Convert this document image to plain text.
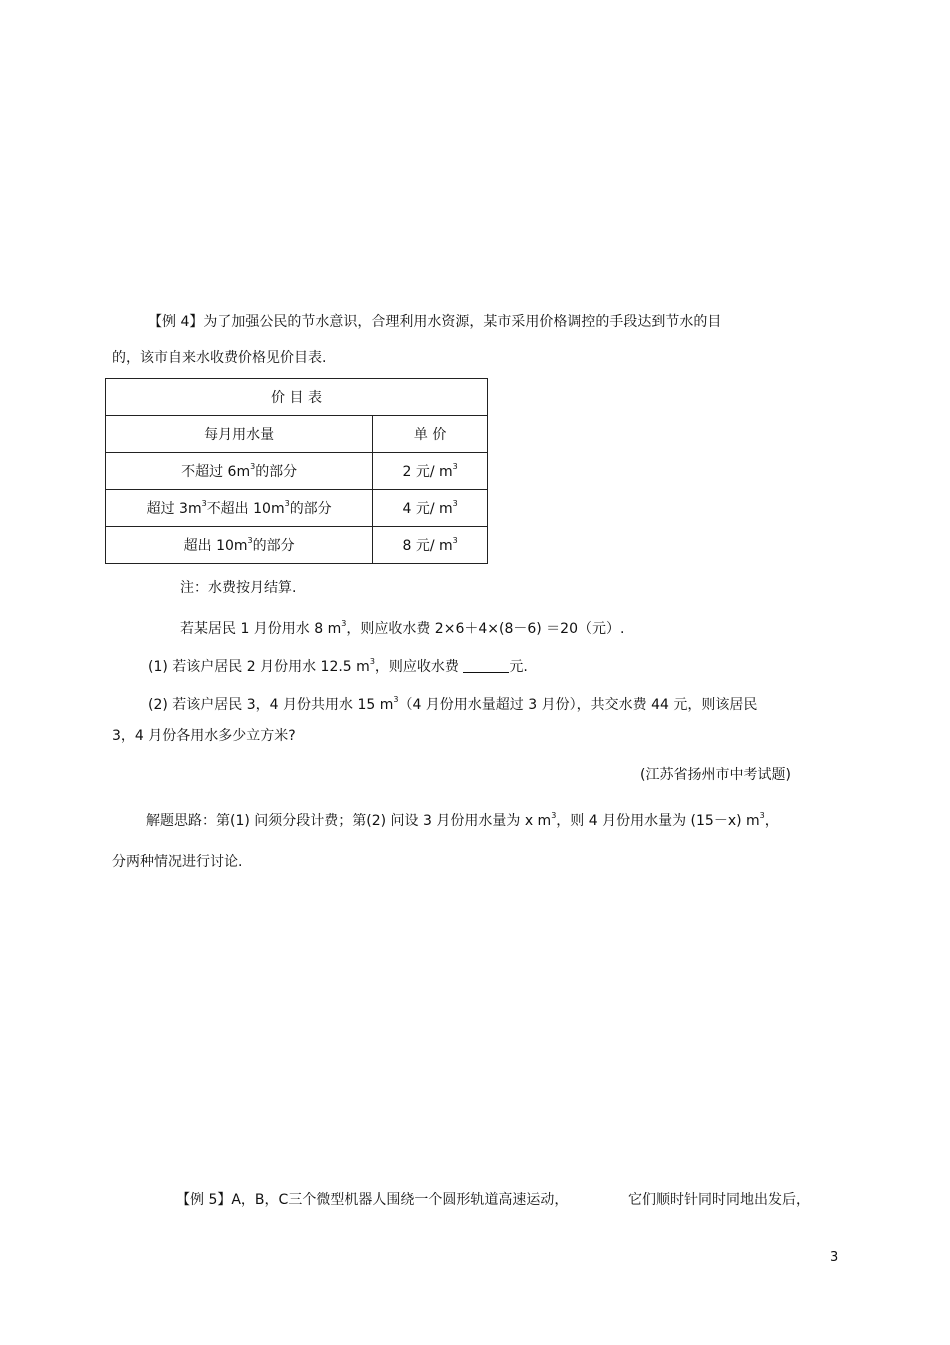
【例 4】为了加强公民的节水意识，合理利用水资源，某市采用价格调控的手段达到节水的目
的，该市自来水收费价格见价目表.
价 目 表	
每月用水量	单 价
不超过 $6m^3$的部分	2 元/ $m^3$
超过 $3m^3$不超出 $10m^3$的部分	4 元/ $m^3$
超出 $10m^3$的部分	8 元/ $m^3$
注：水费按月结算.
若某居民 1 月份用水 8 $m^3$，则应收水费 2×6＋4×(8－6) ＝20（元）.
(1) 若该户居民 2 月份用水 12.5 $m^3$，则应收水费	元.
(2) 若该户居民 3，4 月份共用水 15 $m^3(4$ 月份用水量超过 3 月份），共交水费 44 元，则该居民
3，4 月份各用水多少立方米?
(江苏省扬州市中考试题)
解题思路：第(1) 问须分段计费；第(2) 问设 3 月份用水量为 x $m^3$，则 4 月份用水量为 (15－x) $m^3$，
分两种情况进行讨论.
【例 5】A，B，C三个微型机器人围绕一个圆形轨道高速运动，	它们顺时针同时同地出发后，
3
